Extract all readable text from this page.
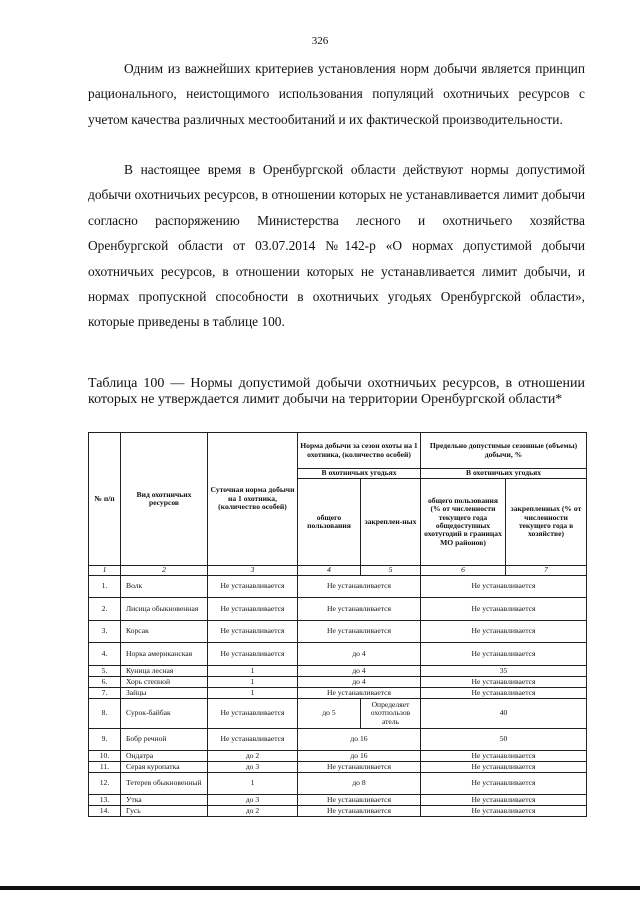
326
Одним из важнейших критериев установления норм добычи является принцип рационального, неистощимого использования популяций охотничьих ресурсов с учетом качества различных местообитаний и их фактической производительности.
В настоящее время в Оренбургской области действуют нормы допустимой добычи охотничьих ресурсов, в отношении которых не устанавливается лимит добычи согласно распоряжению Министерства лесного и охотничьего хозяйства Оренбургской области от 03.07.2014 №142-р «О нормах допустимой добычи охотничьих ресурсов, в отношении которых не устанавливается лимит добычи, и нормах пропускной способности в охотничьих угодьях Оренбургской области», которые приведены в таблице 100.
Таблица 100 — Нормы допустимой добычи охотничьих ресурсов, в отношении которых не утверждается лимит добычи на территории Оренбургской области*
№ п/п	Вид охотничьих ресурсов	Суточная норма добычи на 1 охотника, (количество особей)	Норма добычи за сезон охоты на 1 охотника, (количество особей)		Предельно допустимые сезонные (объемы) добычи, %	
			В охотничьих угодьях		В охотничьих угодьях	
			общего пользования	закреплен-ных	общего пользования (% от численности текущего года общедоступных охотугодий в границах МО районов)	закрепленных (% от численности текущего года в хозяйстве)
1	2	3	4	5	6	7
1.	Волк	Не устанавливается	Не устанавливается		Не устанавливается	
2.	Лисица обыкновенная	Не устанавливается	Не устанавливается		Не устанавливается	
3.	Корсак	Не устанавливается	Не устанавливается		Не устанавливается	
4.	Норка американская	Не устанавливается	до 4		Не устанавливается	
5.	Куница лесная	1	до 4		35	
6.	Хорь степной	1	до 4		Не устанавливается	
7.	Зайцы	1	Не устанавливается		Не устанавливается	
8.	Сурок-байбак	Не устанавливается	до 5	Определяет охотпользов атель	40	
9.	Бобр речной	Не устанавливается	до 16		50	
10.	Ондатра	до 2	до 16		Не устанавливается	
11.	Серая куропатка	до 3	Не устанавливается		Не устанавливается	
12.	Тетерев обыкновенный	1	до 8		Не устанавливается	
13.	Утка	до 3	Не устанавливается		Не устанавливается	
14.	Гусь	до 2	Не устанавливается		Не устанавливается	
